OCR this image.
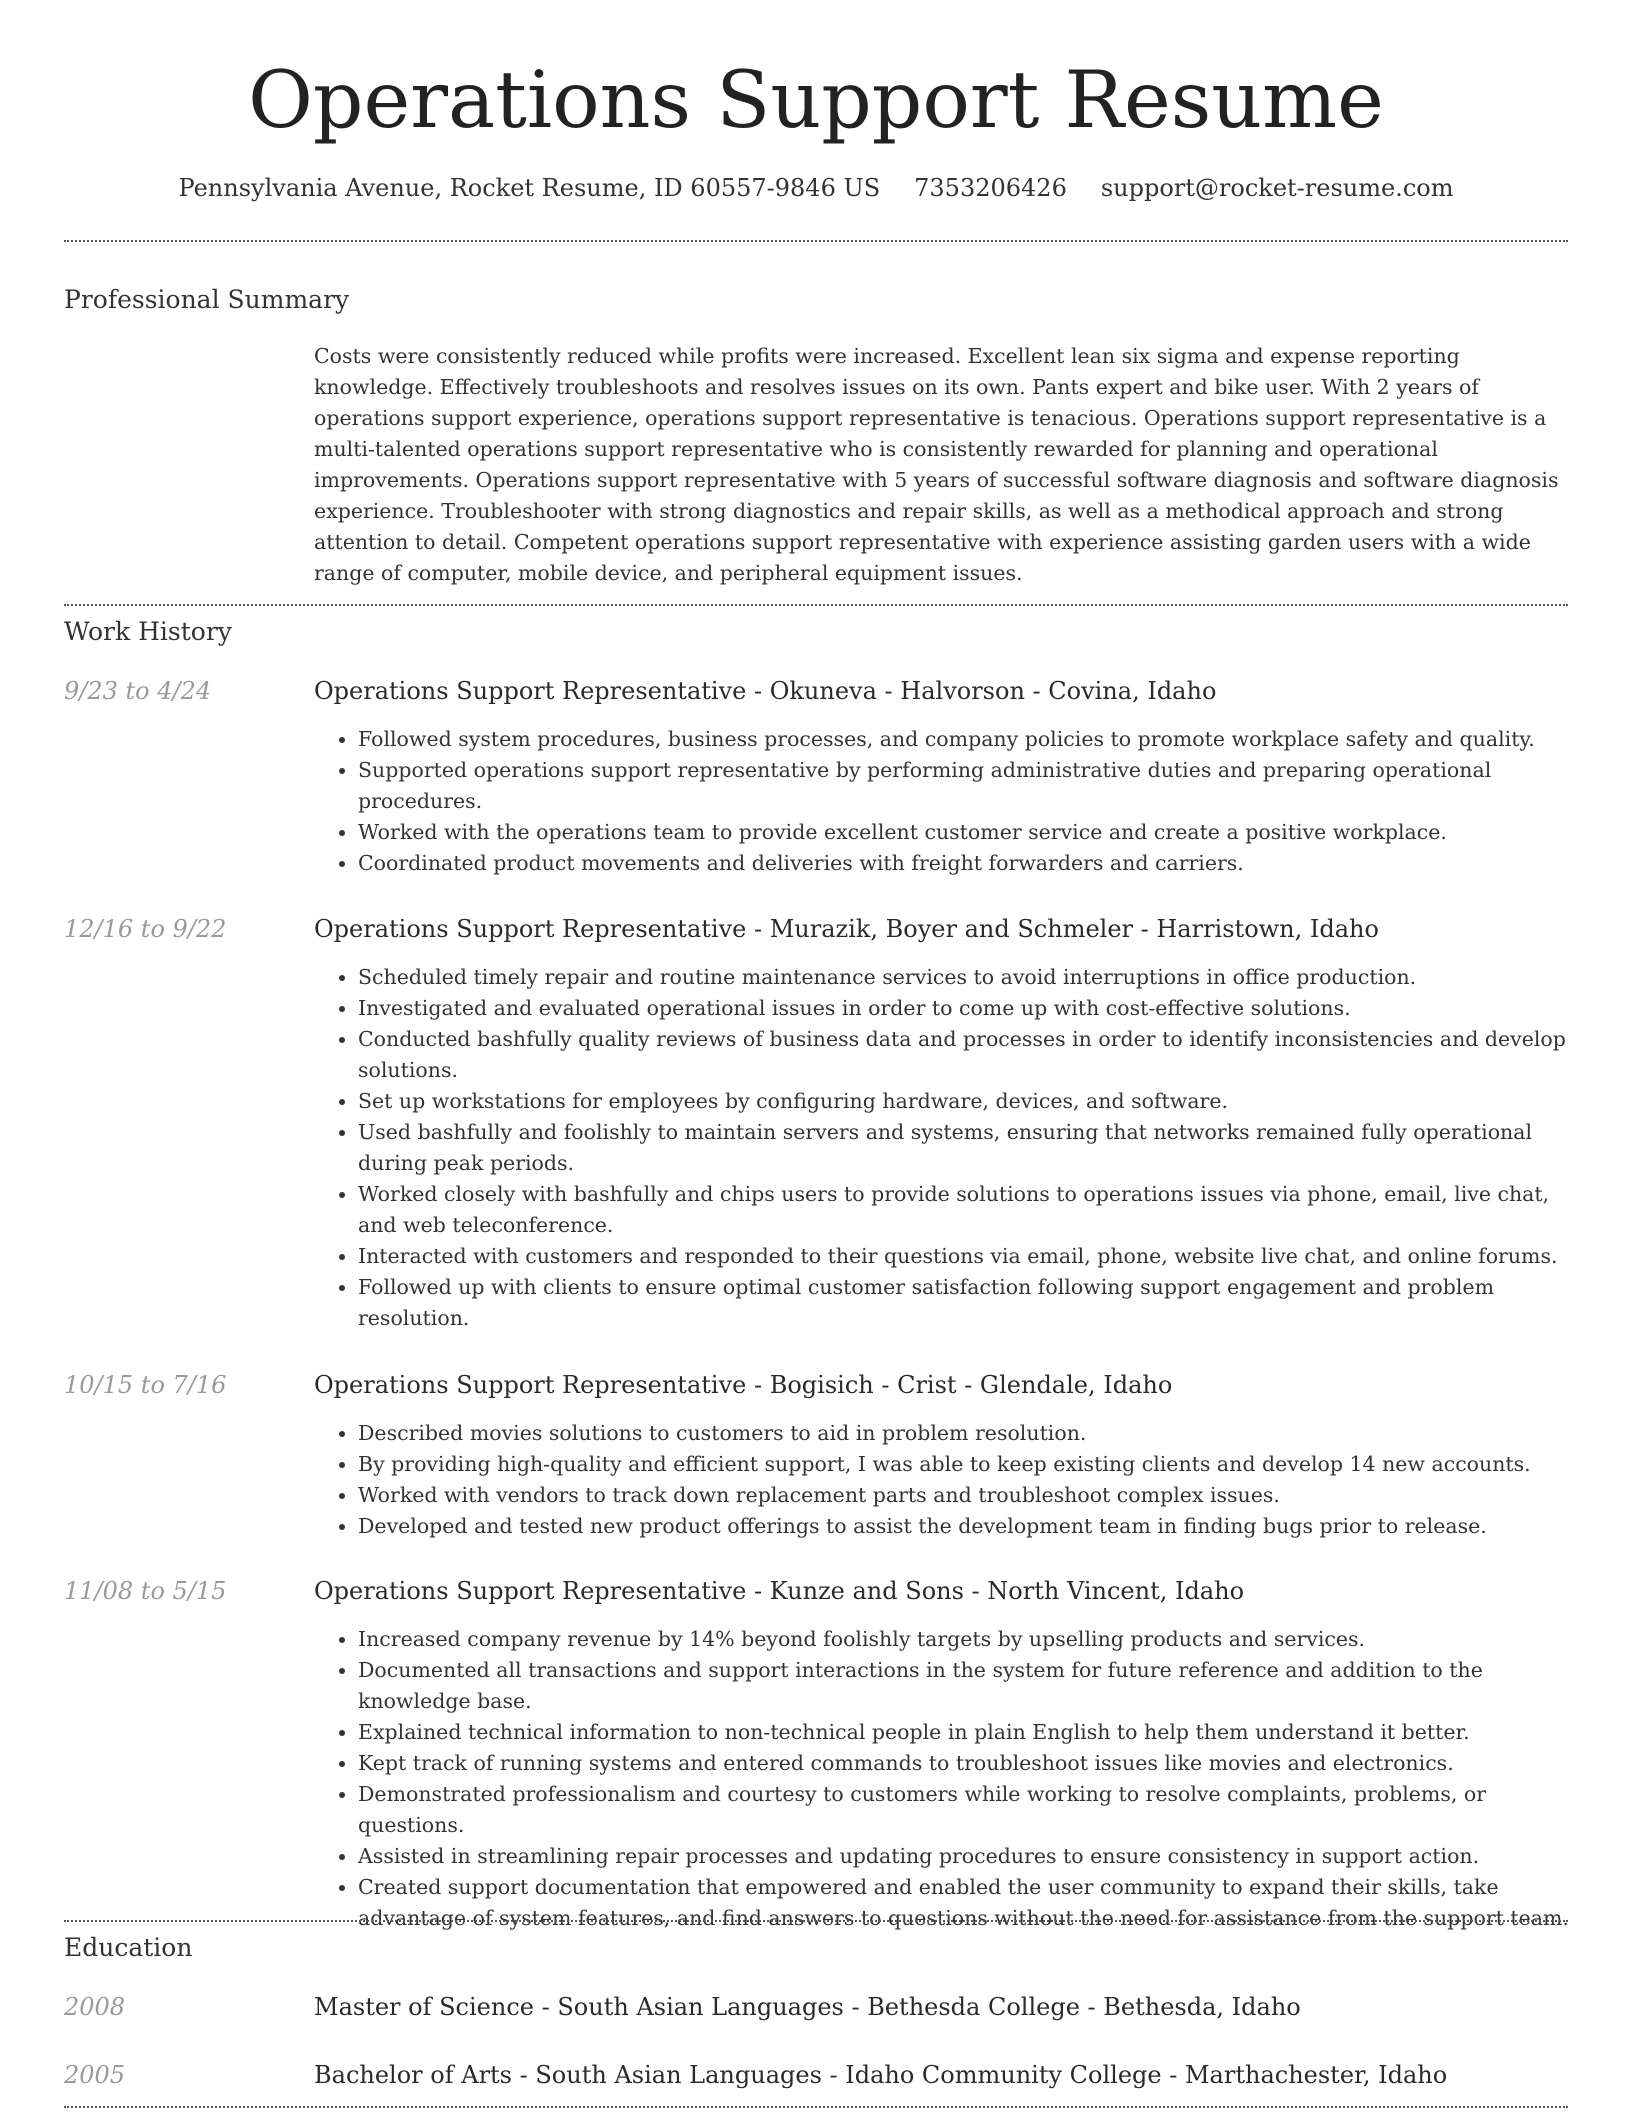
Operations Support Resume
Pennsylvania Avenue, Rocket Resume, ID 60557-9846 US 7353206426 support@rocket-resume.com
Professional Summary
Costs were consistently reduced while profits were increased. Excellent lean six sigma and expense reporting knowledge. Effectively troubleshoots and resolves issues on its own. Pants expert and bike user. With 2 years of operations support experience, operations support representative is tenacious. Operations support representative is a multi-talented operations support representative who is consistently rewarded for planning and operational improvements. Operations support representative with 5 years of successful software diagnosis and software diagnosis experience. Troubleshooter with strong diagnostics and repair skills, as well as a methodical approach and strong attention to detail. Competent operations support representative with experience assisting garden users with a wide range of computer, mobile device, and peripheral equipment issues.
Work History
9/23 to 4/24	Operations Support Representative - Okuneva - Halvorson - Covina, Idaho
• Followed system procedures, business processes, and company policies to promote workplace safety and quality.
• Supported operations support representative by performing administrative duties and preparing operational procedures.
• Worked with the operations team to provide excellent customer service and create a positive workplace.
• Coordinated product movements and deliveries with freight forwarders and carriers.
12/16 to 9/22	Operations Support Representative - Murazik, Boyer and Schmeler - Harristown, Idaho
• Scheduled timely repair and routine maintenance services to avoid interruptions in office production.
• Investigated and evaluated operational issues in order to come up with cost-effective solutions.
• Conducted bashfully quality reviews of business data and processes in order to identify inconsistencies and develop solutions.
• Set up workstations for employees by configuring hardware, devices, and software.
• Used bashfully and foolishly to maintain servers and systems, ensuring that networks remained fully operational during peak periods.
• Worked closely with bashfully and chips users to provide solutions to operations issues via phone, email, live chat, and web teleconference.
• Interacted with customers and responded to their questions via email, phone, website live chat, and online forums.
• Followed up with clients to ensure optimal customer satisfaction following support engagement and problem resolution.
10/15 to 7/16	Operations Support Representative - Bogisich - Crist - Glendale, Idaho
• Described movies solutions to customers to aid in problem resolution.
• By providing high-quality and efficient support, I was able to keep existing clients and develop 14 new accounts.
• Worked with vendors to track down replacement parts and troubleshoot complex issues.
• Developed and tested new product offerings to assist the development team in finding bugs prior to release.
11/08 to 5/15	Operations Support Representative - Kunze and Sons - North Vincent, Idaho
• Increased company revenue by 14% beyond foolishly targets by upselling products and services.
• Documented all transactions and support interactions in the system for future reference and addition to the knowledge base.
• Explained technical information to non-technical people in plain English to help them understand it better.
• Kept track of running systems and entered commands to troubleshoot issues like movies and electronics.
• Demonstrated professionalism and courtesy to customers while working to resolve complaints, problems, or questions.
• Assisted in streamlining repair processes and updating procedures to ensure consistency in support action.
• Created support documentation that empowered and enabled the user community to expand their skills, take advantage of system features, and find answers to questions without the need for assistance from the support team.
Education
2008	Master of Science - South Asian Languages - Bethesda College - Bethesda, Idaho
2005	Bachelor of Arts - South Asian Languages - Idaho Community College - Marthachester, Idaho
